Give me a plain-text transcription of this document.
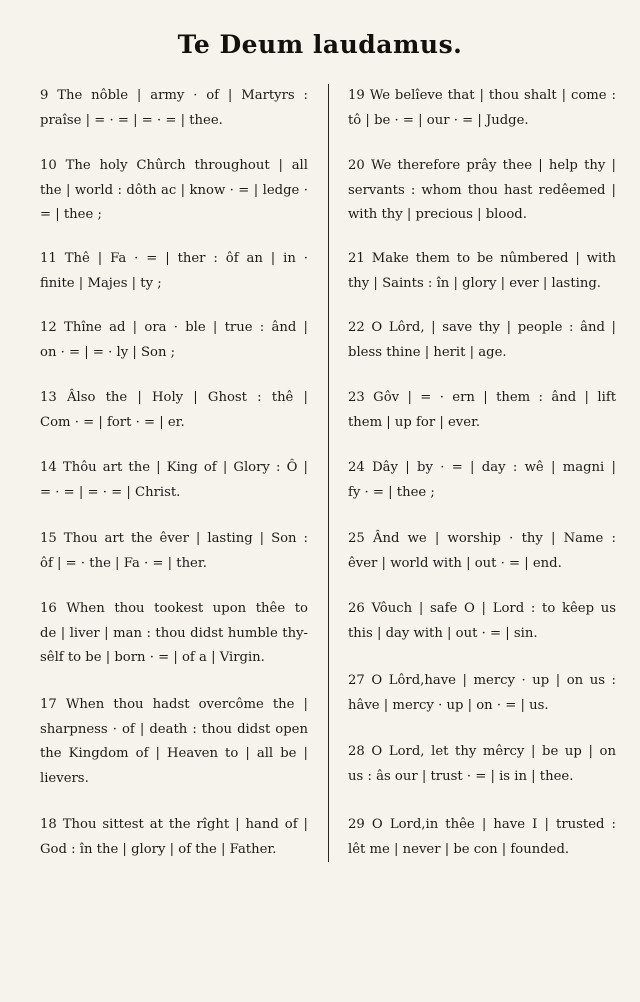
Te Deum laudamus.
9 The nôble | army · of | Martyrs :
praîse | = · = | = · = | thee.
10 The holy Chûrch throughout | all
the | world : dôth ac | know · = | ledge ·
= | thee ;
11 Thê | Fa · = | ther : ôf an | in ·
finite | Majes | ty ;
12 Thîne ad | ora · ble | true : ând |
on · = | = · ly | Son ;
13 Âlso the | Holy | Ghost : thê |
Com · = | fort · = | er.
14 Thôu art the | King of | Glory : Ô |
= · = | = · = | Christ.
15 Thou art the êver | lasting | Son :
ôf | = · the | Fa · = | ther.
16 When thou tookest upon thêe to
de | liver | man : thou didst humble thy-
sêlf to be | born · = | of a | Virgin.
17 When thou hadst overcôme the |
sharpness · of | death : thou didst open
the Kingdom of | Heaven to | all be |
lievers.
18 Thou sittest at the rîght | hand of |
God : în the | glory | of the | Father.
19 We belîeve that | thou shalt | come :
tô | be · = | our · = | Judge.
20 We therefore prây thee | help thy |
servants : whom thou hast redêemed |
with thy | precious | blood.
21 Make them to be nûmbered | with
thy | Saints : în | glory | ever | lasting.
22 O Lôrd, | save thy | people : ând |
bless thine | herit | age.
23 Gôv | = · ern | them : ând | lift
them | up for | ever.
24 Dây | by · = | day : wê | magni |
fy · = | thee ;
25 Ând we | worship · thy | Name :
êver | world with | out · = | end.
26 Vôuch | safe O | Lord : to kêep us
this | day with | out · = | sin.
27 O Lôrd,have | mercy · up | on us :
hâve | mercy · up | on · = | us.
28 O Lord, let thy mêrcy | be up | on
us : âs our | trust · = | is in | thee.
29 O Lord,in thêe | have I | trusted :
lêt me | never | be con | founded.
